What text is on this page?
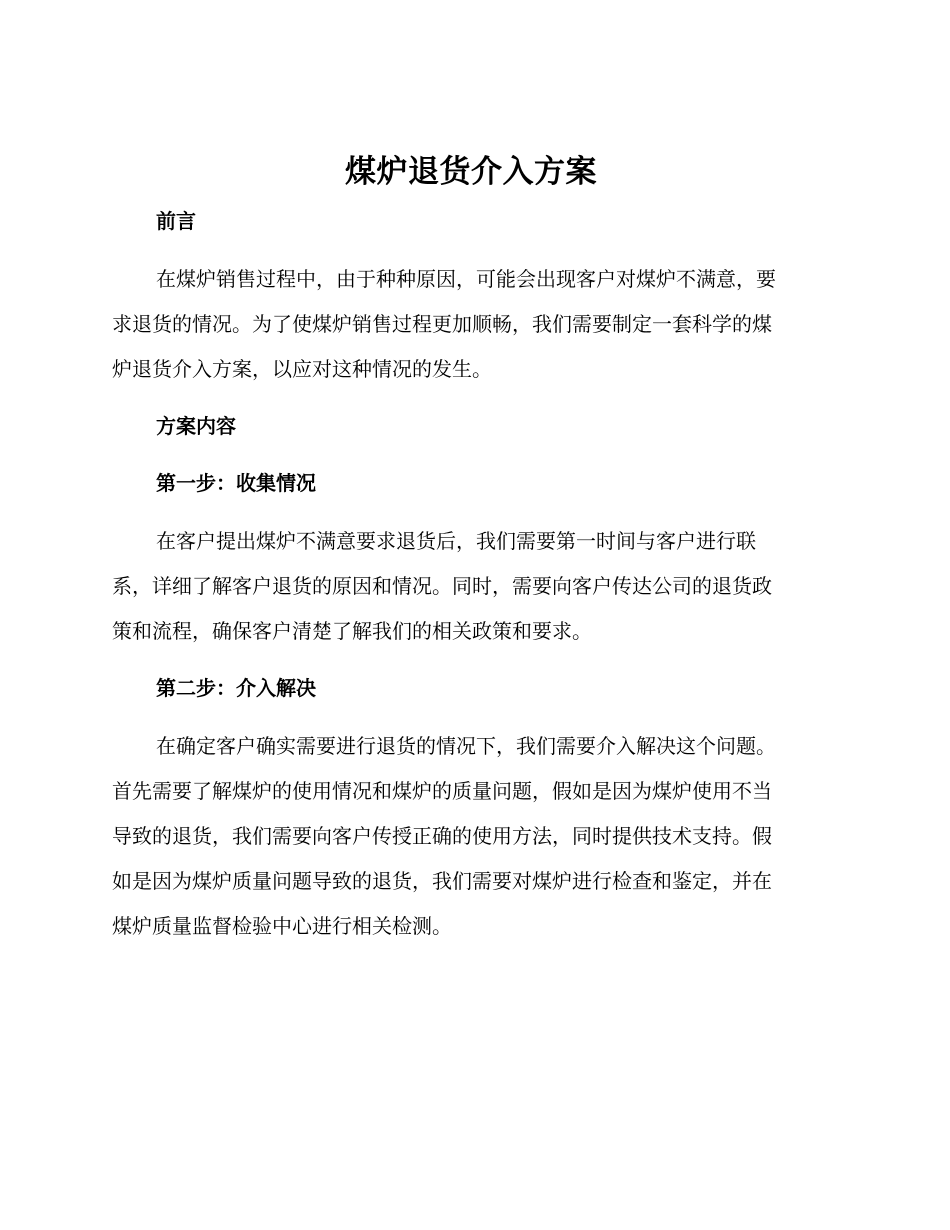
煤炉退货介入方案
前言
在煤炉销售过程中，由于种种原因，可能会出现客户对煤炉不满意，要
求退货的情况。为了使煤炉销售过程更加顺畅，我们需要制定一套科学的煤
炉退货介入方案，以应对这种情况的发生。
方案内容
第一步：收集情况
在客户提出煤炉不满意要求退货后，我们需要第一时间与客户进行联
系，详细了解客户退货的原因和情况。同时，需要向客户传达公司的退货政
策和流程，确保客户清楚了解我们的相关政策和要求。
第二步：介入解决
在确定客户确实需要进行退货的情况下，我们需要介入解决这个问题。
首先需要了解煤炉的使用情况和煤炉的质量问题，假如是因为煤炉使用不当
导致的退货，我们需要向客户传授正确的使用方法，同时提供技术支持。假
如是因为煤炉质量问题导致的退货，我们需要对煤炉进行检查和鉴定，并在
煤炉质量监督检验中心进行相关检测。
